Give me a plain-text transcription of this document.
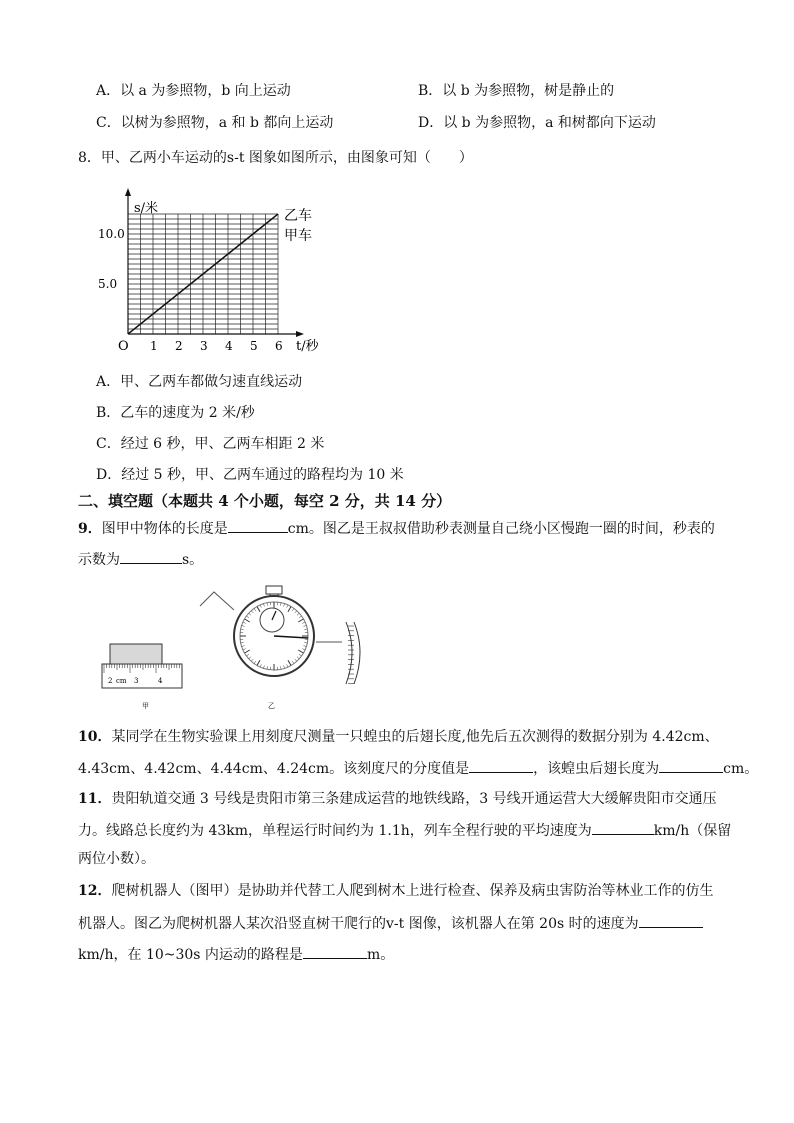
A．以 a 为参照物，b 向上运动	B．以 b 为参照物，树是静止的
C．以树为参照物，a 和 b 都向上运动	D．以 b 为参照物，a 和树都向下运动
8．甲、乙两小车运动的s-t 图象如图所示，由图象可知（　　）
1 2 3 4 5 6
5.0
10.0
s/米
t/秒
O
乙车
甲车
A．甲、乙两车都做匀速直线运动
B．乙车的速度为 2 米/秒
C．经过 6 秒，甲、乙两车相距 2 米
D．经过 5 秒，甲、乙两车通过的路程均为 10 米
二、填空题（本题共 4 个小题，每空 2 分，共 14 分）
9．图甲中物体的长度是	cm。图乙是王叔叔借助秒表测量自己绕小区慢跑一圈的时间，秒表的
示数为	s。
2 cm 3	4
甲	乙
10．某同学在生物实验课上用刻度尺测量一只蝗虫的后翅长度,他先后五次测得的数据分别为 4.42cm、
4.43cm、4.42cm、4.44cm、4.24cm。该刻度尺的分度值是	，该蝗虫后翅长度为	cm。
11．贵阳轨道交通 3 号线是贵阳市第三条建成运营的地铁线路，3 号线开通运营大大缓解贵阳市交通压
力。线路总长度约为 43km，单程运行时间约为 1.1h，列车全程行驶的平均速度为	km/h（保留
两位小数）。
12．爬树机器人（图甲）是协助并代替工人爬到树木上进行检查、保养及病虫害防治等林业工作的仿生
机器人。图乙为爬树机器人某次沿竖直树干爬行的v-t 图像，该机器人在第 20s 时的速度为
km/h，在 10~30s 内运动的路程是	m。
